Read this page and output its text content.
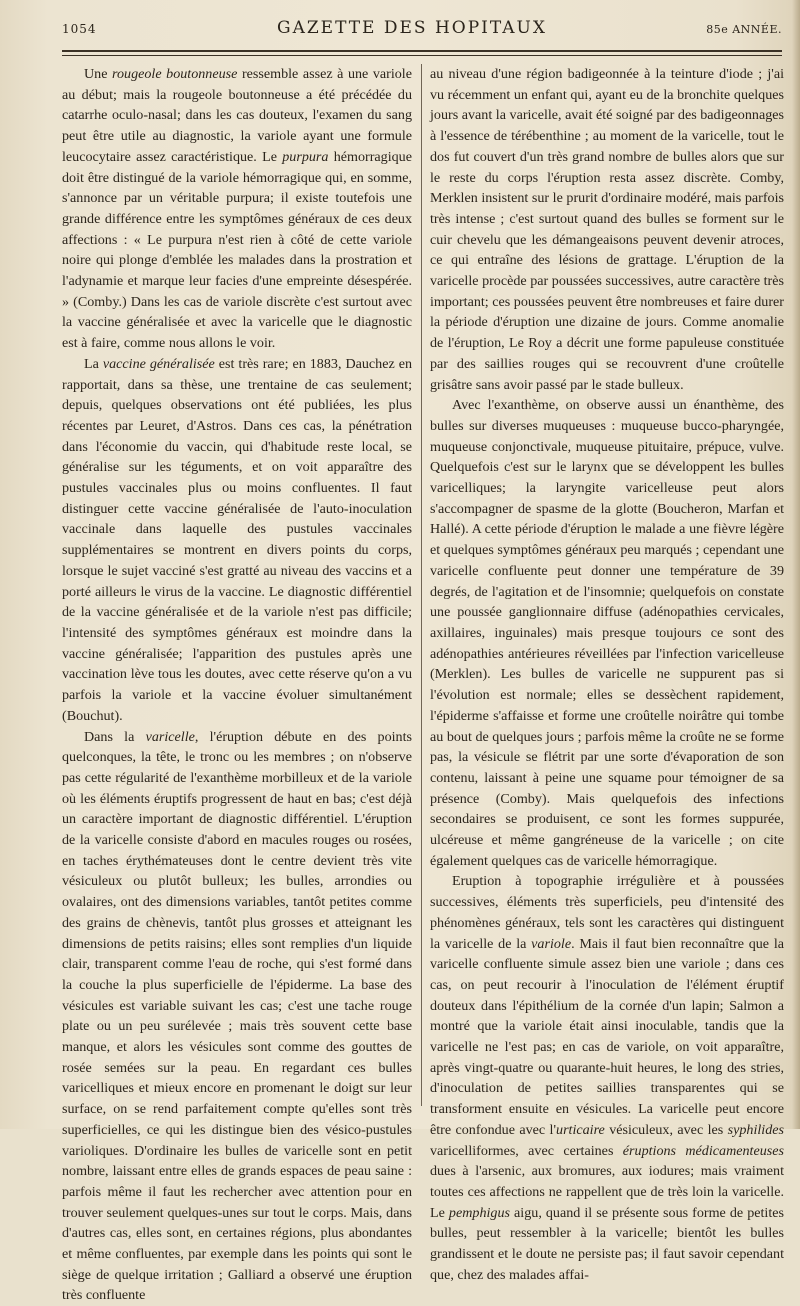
1054	GAZETTE DES HOPITAUX	85e ANNÉE.

Une rougeole boutonneuse ressemble assez à une variole au début; mais la rougeole boutonneuse a été précédée du catarrhe oculo-nasal; dans les cas douteux, l'examen du sang peut être utile au diagnostic, la variole ayant une formule leucocytaire assez caractéristique. Le purpura hémorragique doit être distingué de la variole hémorragique qui, en somme, s'annonce par un véritable purpura; il existe toutefois une grande différence entre les symptômes généraux de ces deux affections : « Le purpura n'est rien à côté de cette variole noire qui plonge d'emblée les malades dans la prostration et l'adynamie et marque leur facies d'une empreinte désespérée. » (Comby.) Dans les cas de variole discrète c'est surtout avec la vaccine généralisée et avec la varicelle que le diagnostic est à faire, comme nous allons le voir.

La vaccine généralisée est très rare; en 1883, Dauchez en rapportait, dans sa thèse, une trentaine de cas seulement; depuis, quelques observations ont été publiées, les plus récentes par Leuret, d'Astros. Dans ces cas, la pénétration dans l'économie du vaccin, qui d'habitude reste local, se généralise sur les téguments, et on voit apparaître des pustules vaccinales plus ou moins confluentes. Il faut distinguer cette vaccine généralisée de l'auto-inoculation vaccinale dans laquelle des pustules vaccinales supplémentaires se montrent en divers points du corps, lorsque le sujet vacciné s'est gratté au niveau des vaccins et a porté ailleurs le virus de la vaccine. Le diagnostic différentiel de la vaccine généralisée et de la variole n'est pas difficile; l'intensité des symptômes généraux est moindre dans la vaccine généralisée; l'apparition des pustules après une vaccination lève tous les doutes, avec cette réserve qu'on a vu parfois la variole et la vaccine évoluer simultanément (Bouchut).

Dans la varicelle, l'éruption débute en des points quelconques, la tête, le tronc ou les membres ; on n'observe pas cette régularité de l'exanthème morbilleux et de la variole où les éléments éruptifs progressent de haut en bas; c'est déjà un caractère important de diagnostic différentiel. L'éruption de la varicelle consiste d'abord en macules rouges ou rosées, en taches érythémateuses dont le centre devient très vite vésiculeux ou plutôt bulleux; les bulles, arrondies ou ovalaires, ont des dimensions variables, tantôt petites comme des grains de chènevis, tantôt plus grosses et atteignant les dimensions de petits raisins; elles sont remplies d'un liquide clair, transparent comme l'eau de roche, qui s'est formé dans la couche la plus superficielle de l'épiderme. La base des vésicules est variable suivant les cas; c'est une tache rouge plate ou un peu surélevée ; mais très souvent cette base manque, et alors les vésicules sont comme des gouttes de rosée semées sur la peau. En regardant ces bulles varicelliques et mieux encore en promenant le doigt sur leur surface, on se rend parfaitement compte qu'elles sont très superficielles, ce qui les distingue bien des vésico-pustules varioliques. D'ordinaire les bulles de varicelle sont en petit nombre, laissant entre elles de grands espaces de peau saine : parfois même il faut les rechercher avec attention pour en trouver seulement quelques-unes sur tout le corps. Mais, dans d'autres cas, elles sont, en certaines régions, plus abondantes et même confluentes, par exemple dans les points qui sont le siège de quelque irritation ; Galliard a observé une éruption très confluente

au niveau d'une région badigeonnée à la teinture d'iode ; j'ai vu récemment un enfant qui, ayant eu de la bronchite quelques jours avant la varicelle, avait été soigné par des badigeonnages à l'essence de térébenthine ; au moment de la varicelle, tout le dos fut couvert d'un très grand nombre de bulles alors que sur le reste du corps l'éruption resta assez discrète. Comby, Merklen insistent sur le prurit d'ordinaire modéré, mais parfois très intense ; c'est surtout quand des bulles se forment sur le cuir chevelu que les démangeaisons peuvent devenir atroces, ce qui entraîne des lésions de grattage. L'éruption de la varicelle procède par poussées successives, autre caractère très important; ces poussées peuvent être nombreuses et faire durer la période d'éruption une dizaine de jours. Comme anomalie de l'éruption, Le Roy a décrit une forme papuleuse constituée par des saillies rouges qui se recouvrent d'une croûtelle grisâtre sans avoir passé par le stade bulleux.

Avec l'exanthème, on observe aussi un énanthème, des bulles sur diverses muqueuses : muqueuse bucco-pharyngée, muqueuse conjonctivale, muqueuse pituitaire, prépuce, vulve. Quelquefois c'est sur le larynx que se développent les bulles varicelliques; la laryngite varicelleuse peut alors s'accompagner de spasme de la glotte (Boucheron, Marfan et Hallé). A cette période d'éruption le malade a une fièvre légère et quelques symptômes généraux peu marqués ; cependant une varicelle confluente peut donner une température de 39 degrés, de l'agitation et de l'insomnie; quelquefois on constate une poussée ganglionnaire diffuse (adénopathies cervicales, axillaires, inguinales) mais presque toujours ce sont des adénopathies antérieures réveillées par l'infection varicelleuse (Merklen). Les bulles de varicelle ne suppurent pas si l'évolution est normale; elles se dessèchent rapidement, l'épiderme s'affaisse et forme une croûtelle noirâtre qui tombe au bout de quelques jours ; parfois même la croûte ne se forme pas, la vésicule se flétrit par une sorte d'évaporation de son contenu, laissant à peine une squame pour témoigner de sa présence (Comby). Mais quelquefois des infections secondaires se produisent, ce sont les formes suppurée, ulcéreuse et même gangréneuse de la varicelle ; on cite également quelques cas de varicelle hémorragique.

Eruption à topographie irrégulière et à poussées successives, éléments très superficiels, peu d'intensité des phénomènes généraux, tels sont les caractères qui distinguent la varicelle de la variole. Mais il faut bien reconnaître que la varicelle confluente simule assez bien une variole ; dans ces cas, on peut recourir à l'inoculation de l'élément éruptif douteux dans l'épithélium de la cornée d'un lapin; Salmon a montré que la variole était ainsi inoculable, tandis que la varicelle ne l'est pas; en cas de variole, on voit apparaître, après vingt-quatre ou quarante-huit heures, le long des stries, d'inoculation de petites saillies transparentes qui se transforment ensuite en vésicules. La varicelle peut encore être confondue avec l'urticaire vésiculeux, avec les syphilides varicelliformes, avec certaines éruptions médicamenteuses dues à l'arsenic, aux bromures, aux iodures; mais vraiment toutes ces affections ne rappellent que de très loin la varicelle. Le pemphigus aigu, quand il se présente sous forme de petites bulles, peut ressembler à la varicelle; bientôt les bulles grandissent et le doute ne persiste pas; il faut savoir cependant que, chez des malades affai-
